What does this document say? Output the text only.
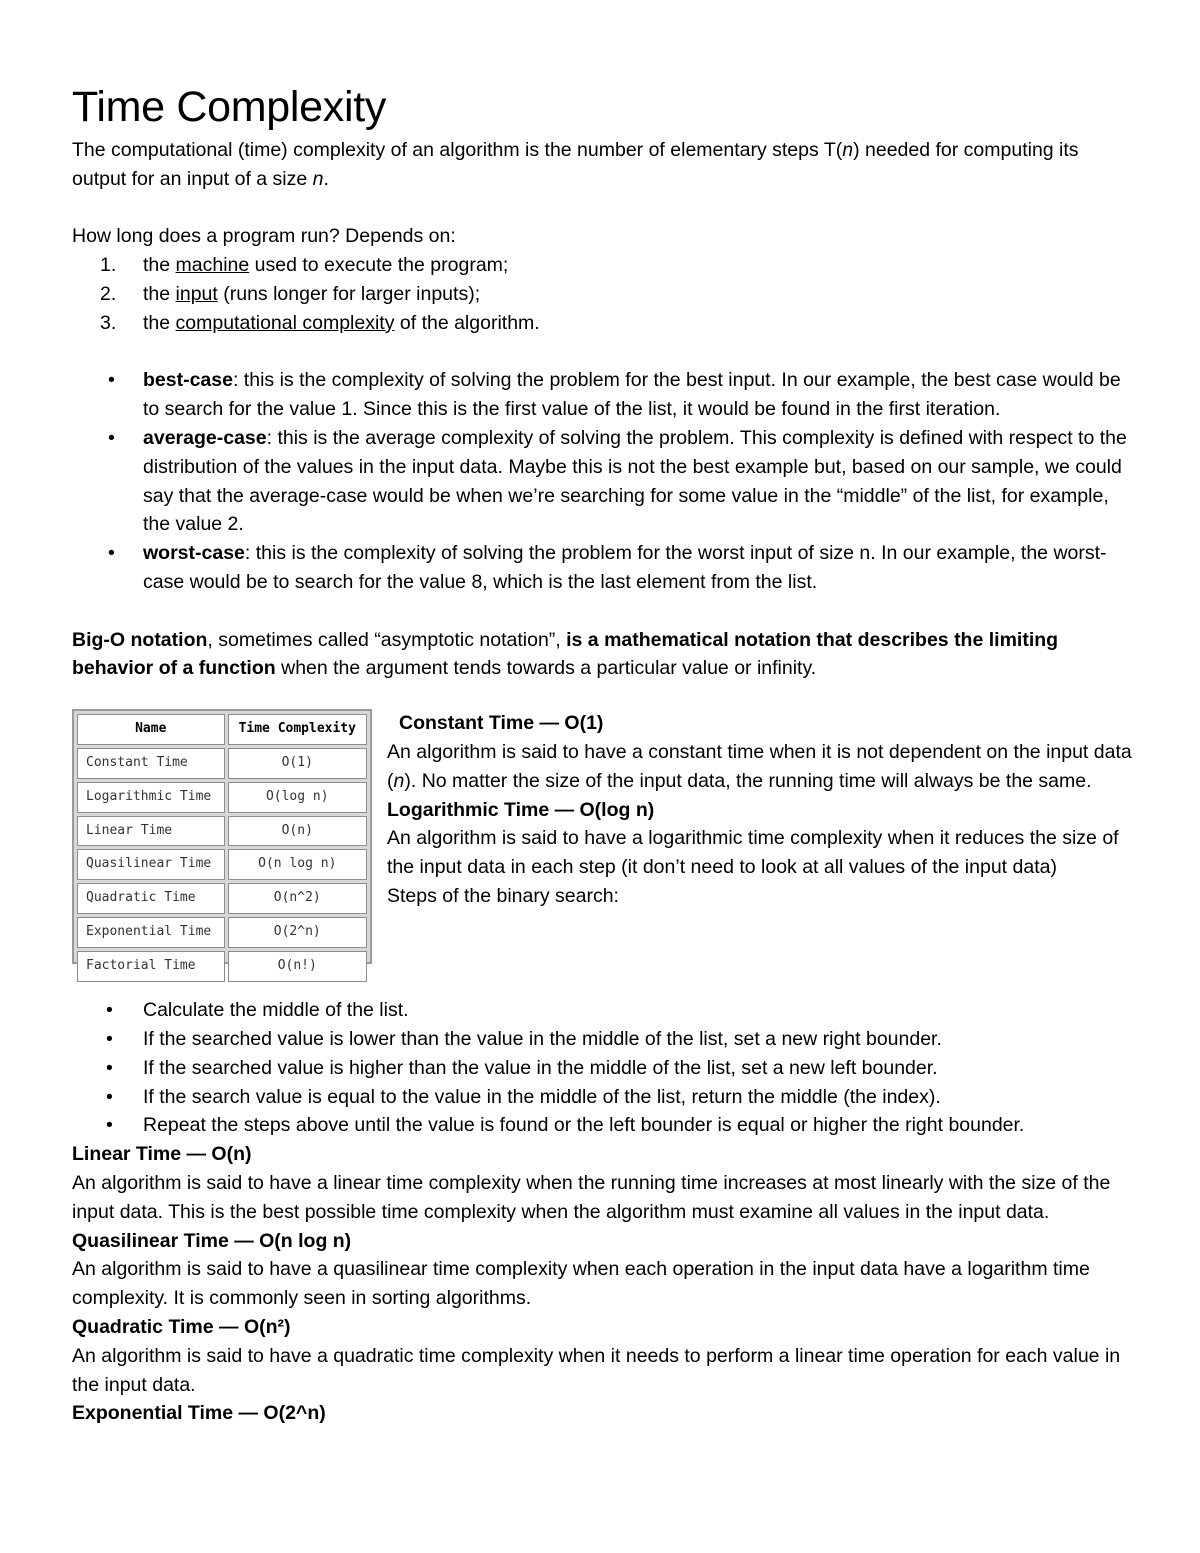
Time Complexity

The computational (time) complexity of an algorithm is the number of elementary steps T(n) needed for computing its output for an input of a size n.

How long does a program run? Depends on:

1. the machine used to execute the program;
2. the input (runs longer for larger inputs);
3. the computational complexity of the algorithm.
• best-case: this is the complexity of solving the problem for the best input. In our example, the best case would be to search for the value 1. Since this is the first value of the list, it would be found in the first iteration.
• average-case: this is the average complexity of solving the problem. This complexity is defined with respect to the distribution of the values in the input data. Maybe this is not the best example but, based on our sample, we could say that the average-case would be when we’re searching for some value in the “middle” of the list, for example, the value 2.
• worst-case: this is the complexity of solving the problem for the worst input of size n. In our example, the worst-case would be to search for the value 8, which is the last element from the list.

Big-O notation, sometimes called “asymptotic notation”, is a mathematical notation that describes the limiting behavior of a function when the argument tends towards a particular value or infinity.

Name	Time Complexity
Constant Time	O(1)
Logarithmic Time	O(log n)
Linear Time	O(n)
Quasilinear Time	O(n log n)
Quadratic Time	O(n^2)
Exponential Time	O(2^n)
Factorial Time	O(n!)

Constant Time — O(1)

An algorithm is said to have a constant time when it is not dependent on the input data (n). No matter the size of the input data, the running time will always be the same.

Logarithmic Time — O(log n)

An algorithm is said to have a logarithmic time complexity when it reduces the size of the input data in each step (it don’t need to look at all values of the input data)

Steps of the binary search:

• Calculate the middle of the list.
• If the searched value is lower than the value in the middle of the list, set a new right bounder.
• If the searched value is higher than the value in the middle of the list, set a new left bounder.
• If the search value is equal to the value in the middle of the list, return the middle (the index).
• Repeat the steps above until the value is found or the left bounder is equal or higher the right bounder.

Linear Time — O(n)

An algorithm is said to have a linear time complexity when the running time increases at most linearly with the size of the input data. This is the best possible time complexity when the algorithm must examine all values in the input data.

Quasilinear Time — O(n log n)

An algorithm is said to have a quasilinear time complexity when each operation in the input data have a logarithm time complexity. It is commonly seen in sorting algorithms.

Quadratic Time — O(n²)

An algorithm is said to have a quadratic time complexity when it needs to perform a linear time operation for each value in the input data.

Exponential Time — O(2^n)
